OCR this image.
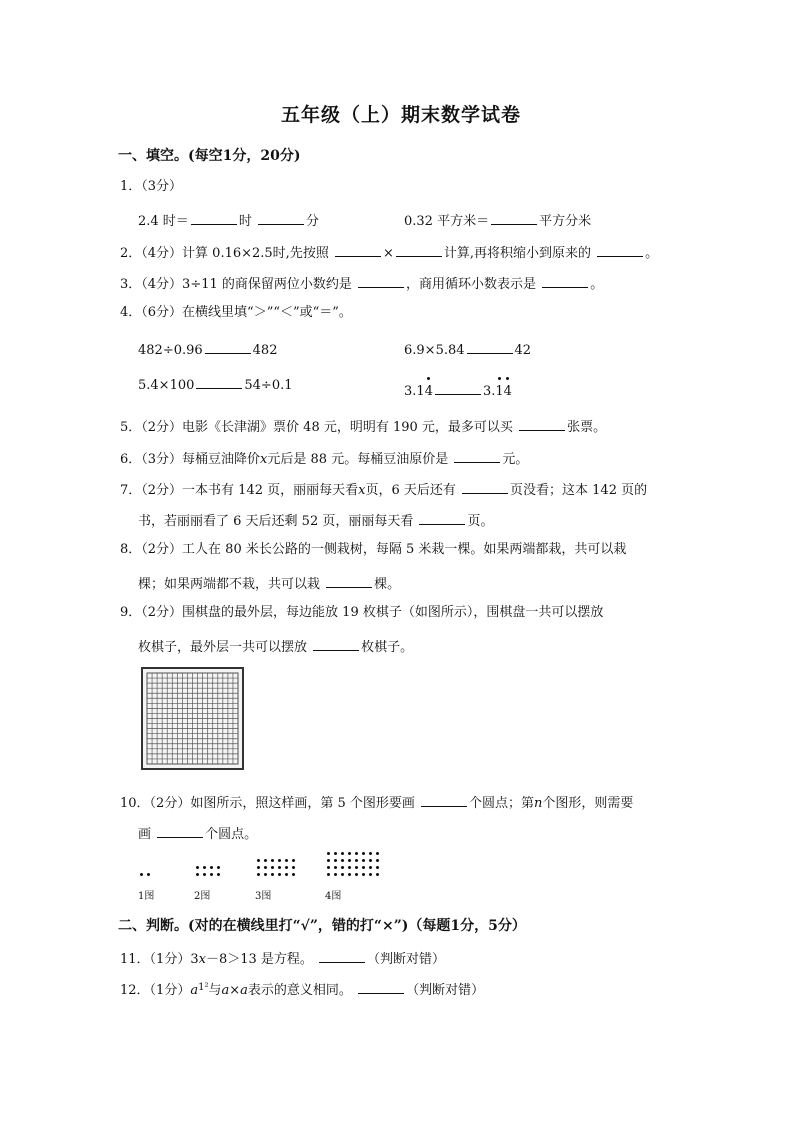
五年级（上）期末数学试卷
一、填空。(每空1分，20分)
1．（3分）
2.4 时＝	时	分	0.32 平方米＝	平方分米
2．（4分）计算 0.16×2.5时,先按照	×	计算,再将积缩小到原来的	。
3．（4分）3÷11 的商保留两位小数约是	，商用循环小数表示是	。
4．（6分）在横线里填“＞”“＜”或“＝”。
482÷0.96	482	6.9×5.84	42
5.4×100	54÷0.1	3.14	3.14
5．（2分）电影《长津湖》票价 48 元，明明有 190 元，最多可以买	张票。
6．（3分）每桶豆油降价x元后是 88 元。每桶豆油原价是	元。
7．（2分）一本书有 142 页，丽丽每天看x页，6 天后还有	页没看；这本 142 页的
书，若丽丽看了 6 天后还剩 52 页，丽丽每天看	页。
8．（2分）工人在 80 米长公路的一侧栽树，每隔 5 米栽一棵。如果两端都栽，共可以栽
棵；如果两端都不栽，共可以栽	棵。
9．（2分）围棋盘的最外层，每边能放 19 枚棋子（如图所示），围棋盘一共可以摆放
枚棋子，最外层一共可以摆放	枚棋子。
10．（2分）如图所示，照这样画，第 5 个图形要画	个圆点；第n个图形，则需要
画	个圆点。
1图	2图	3图	4图
二、判断。(对的在横线里打“√”，错的打“×”)（每题1分，5分）
11．（1分）3x－8＞13 是方程。	（判断对错）
12．（1分）$a^{1^2}$与a×a表示的意义相同。	（判断对错）
